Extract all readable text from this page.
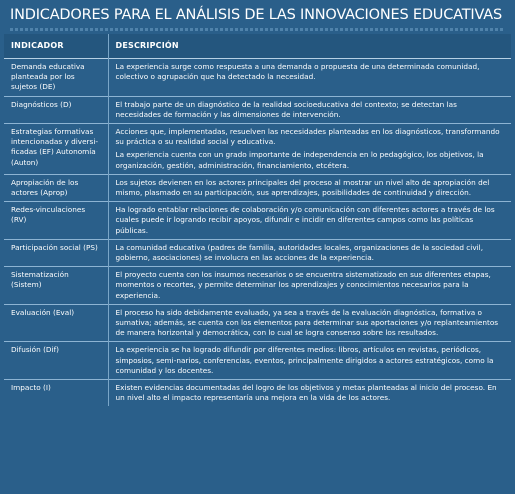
INDICADORES PARA EL ANÁLISIS DE LAS INNOVACIONES EDUCATIVAS
INDICADOR	DESCRIPCIÓN
Demanda educativa planteada por los sujetos (DE)	La experiencia surge como respuesta a una demanda o propuesta de una determinada comunidad, colectivo o agrupación que ha detectado la necesidad.

Diagnósticos (D)	El trabajo parte de un diagnóstico de la realidad socioeducativa del contexto; se detectan las necesidades de formación y las dimensiones de intervención.

Estrategias formativas intencionadas y diversi-ficadas (EF) Autonomía (Auton)	Acciones que, implementadas, resuelven las necesidades planteadas en los diagnósticos, transformando su práctica o su realidad social y educativa.

La experiencia cuenta con un grado importante de independencia en lo pedagógico, los objetivos, la organización, gestión, administración, financiamiento, etcétera.

Apropiación de los actores (Aprop)	Los sujetos devienen en los actores principales del proceso al mostrar un nivel alto de apropiación del mismo, plasmado en su participación, sus aprendizajes, posibilidades de continuidad y dirección.

Redes-vinculaciones (RV)	Ha logrado entablar relaciones de colaboración y/o comunicación con diferentes actores a través de los cuales puede ir logrando recibir apoyos, difundir e incidir en diferentes campos como las políticas públicas.

Participación social (PS)	La comunidad educativa (padres de familia, autoridades locales, organizaciones de la sociedad civil, gobierno, asociaciones) se involucra en las acciones de la experiencia.

Sistematización (Sistem)	El proyecto cuenta con los insumos necesarios o se encuentra sistematizado en sus diferentes etapas, momentos o recortes, y permite determinar los aprendizajes y conocimientos necesarios para la experiencia.

Evaluación (Eval)	El proceso ha sido debidamente evaluado, ya sea a través de la evaluación diagnóstica, formativa o sumativa; además, se cuenta con los elementos para determinar sus aportaciones y/o replanteamientos de manera horizontal y democrática, con lo cual se logra consenso sobre los resultados.

Difusión (Dif)	La experiencia se ha logrado difundir por diferentes medios: libros, artículos en revistas, periódicos, simposios, semi-narios, conferencias, eventos, principalmente dirigidos a actores estratégicos, como la comunidad y los docentes.

Impacto (I)	Existen evidencias documentadas del logro de los objetivos y metas planteadas al inicio del proceso. En un nivel alto el impacto representaría una mejora en la vida de los actores.
